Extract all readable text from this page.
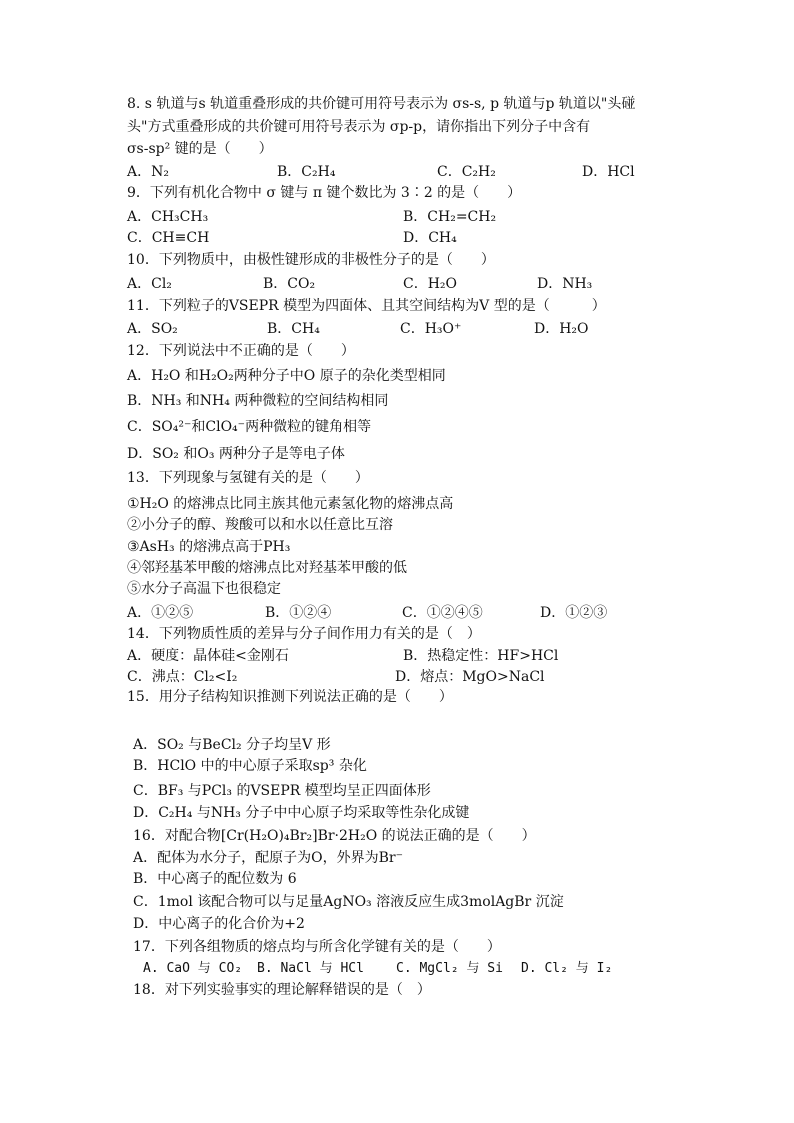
8. s 轨道与s 轨道重叠形成的共价键可用符号表示为 σs-s, p 轨道与p 轨道以"头碰
头"方式重叠形成的共价键可用符号表示为 σp-p，请你指出下列分子中含有
σs-sp² 键的是（　　）
A．N₂	B．C₂H₄	C．C₂H₂	D．HCl
9．下列有机化合物中 σ 键与 π 键个数比为 3∶2 的是（　　）
A．CH₃CH₃	B．CH₂=CH₂
C．CH≡CH	D．CH₄
10．下列物质中，由极性键形成的非极性分子的是（　　）
A．Cl₂	B．CO₂	C．H₂O	D．NH₃
11．下列粒子的VSEPR 模型为四面体、且其空间结构为V 型的是（　　　）
A．SO₂	B．CH₄	C．H₃O⁺	D．H₂O
12．下列说法中不正确的是（　　）
A．H₂O 和H₂O₂两种分子中O 原子的杂化类型相同
B．NH₃ 和NH₄ 两种微粒的空间结构相同
C．SO₄²⁻和ClO₄⁻两种微粒的键角相等
D．SO₂ 和O₃ 两种分子是等电子体
13．下列现象与氢键有关的是（　　）
①H₂O 的熔沸点比同主族其他元素氢化物的熔沸点高
②小分子的醇、羧酸可以和水以任意比互溶
③AsH₃ 的熔沸点高于PH₃
④邻羟基苯甲酸的熔沸点比对羟基苯甲酸的低
⑤水分子高温下也很稳定
A．①②⑤	B．①②④	C．①②④⑤	D．①②③
14．下列物质性质的差异与分子间作用力有关的是（　）
A．硬度：晶体硅<金刚石	B．热稳定性：HF>HCl
C．沸点：Cl₂<I₂	D．熔点：MgO>NaCl
15．用分子结构知识推测下列说法正确的是（　　）
A．SO₂ 与BeCl₂ 分子均呈V 形
B．HClO 中的中心原子采取sp³ 杂化
C．BF₃ 与PCl₃ 的VSEPR 模型均呈正四面体形
D．C₂H₄ 与NH₃ 分子中中心原子均采取等性杂化成键
16．对配合物[Cr(H₂O)₄Br₂]Br·2H₂O 的说法正确的是（　　）
A．配体为水分子，配原子为O，外界为Br⁻
B．中心离子的配位数为 6
C．1mol 该配合物可以与足量AgNO₃ 溶液反应生成3molAgBr 沉淀
D．中心离子的化合价为+2
17．下列各组物质的熔点均与所含化学键有关的是（　　）
A. CaO 与 CO₂ B. NaCl 与 HCl C. MgCl₂ 与 Si D. Cl₂ 与 I₂
18．对下列实验事实的理论解释错误的是（　）
